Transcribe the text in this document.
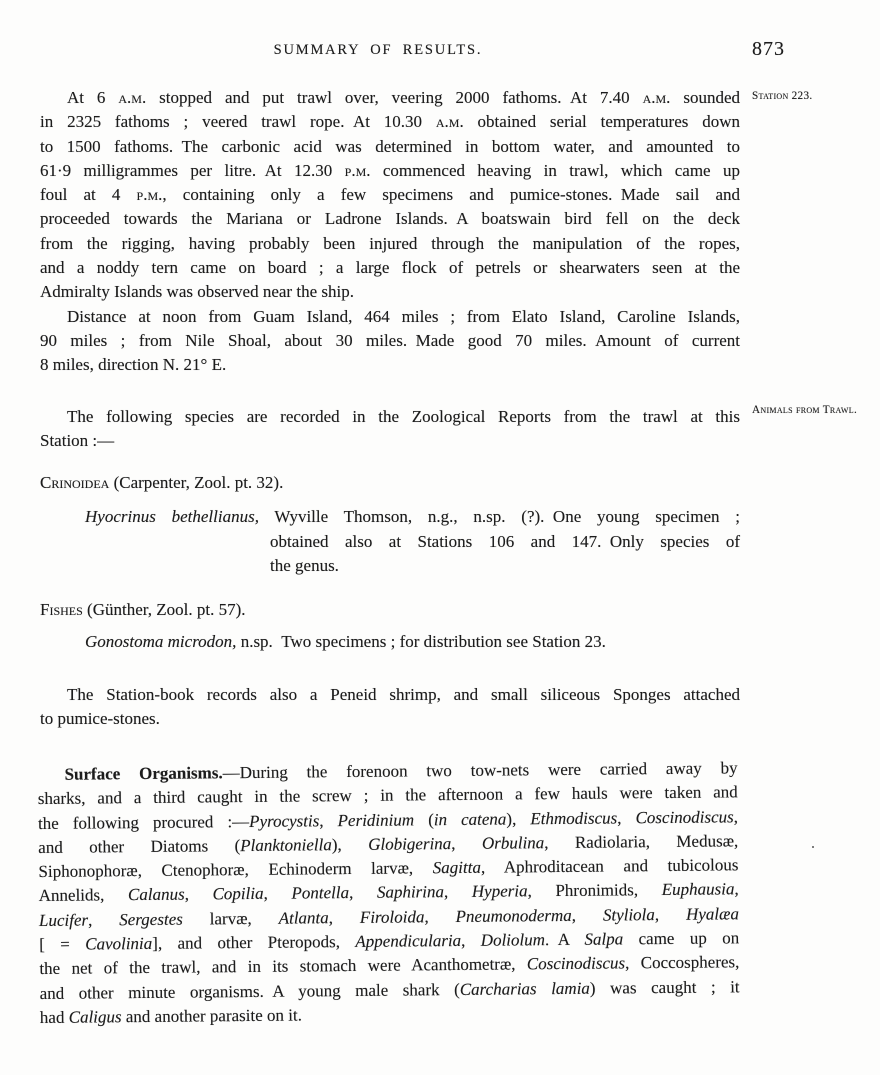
SUMMARY OF RESULTS.	873
At 6 a.m. stopped and put trawl over, veering 2000 fathoms. At 7.40 a.m. sounded
in 2325 fathoms ; veered trawl rope. At 10.30 a.m. obtained serial temperatures down
to 1500 fathoms. The carbonic acid was determined in bottom water, and amounted to
61·9 milligrammes per litre. At 12.30 p.m. commenced heaving in trawl, which came up
foul at 4 p.m., containing only a few specimens and pumice-stones. Made sail and
proceeded towards the Mariana or Ladrone Islands. A boatswain bird fell on the deck
from the rigging, having probably been injured through the manipulation of the ropes,
and a noddy tern came on board ; a large flock of petrels or shearwaters seen at the
Admiralty Islands was observed near the ship.
Distance at noon from Guam Island, 464 miles ; from Elato Island, Caroline Islands,
90 miles ; from Nile Shoal, about 30 miles. Made good 70 miles. Amount of current
8 miles, direction N. 21° E.
The following species are recorded in the Zoological Reports from the trawl at this
Station :—
Crinoidea (Carpenter, Zool. pt. 32).
Hyocrinus bethellianus, Wyville Thomson, n.g., n.sp. (?). One young specimen ;
obtained also at Stations 106 and 147. Only species of
the genus.
Fishes (Günther, Zool. pt. 57).
Gonostoma microdon, n.sp. Two specimens ; for distribution see Station 23.
The Station-book records also a Peneid shrimp, and small siliceous Sponges attached
to pumice-stones.
Surface Organisms.—During the forenoon two tow-nets were carried away by
sharks, and a third caught in the screw ; in the afternoon a few hauls were taken and
the following procured :—Pyrocystis, Peridinium (in catena), Ethmodiscus, Coscinodiscus,
and other Diatoms (Planktoniella), Globigerina, Orbulina, Radiolaria, Medusæ,
Siphonophoræ, Ctenophoræ, Echinoderm larvæ, Sagitta, Aphroditacean and tubicolous
Annelids, Calanus, Copilia, Pontella, Saphirina, Hyperia, Phronimids, Euphausia,
Lucifer, Sergestes larvæ, Atlanta, Firoloida, Pneumonoderma, Styliola, Hyalæa
[ = Cavolinia], and other Pteropods, Appendicularia, Doliolum. A Salpa came up on
the net of the trawl, and in its stomach were Acanthometræ, Coscinodiscus, Coccospheres,
and other minute organisms. A young male shark (Carcharias lamia) was caught ; it
had Caligus and another parasite on it.
Station 223.
Animals from Trawl.
